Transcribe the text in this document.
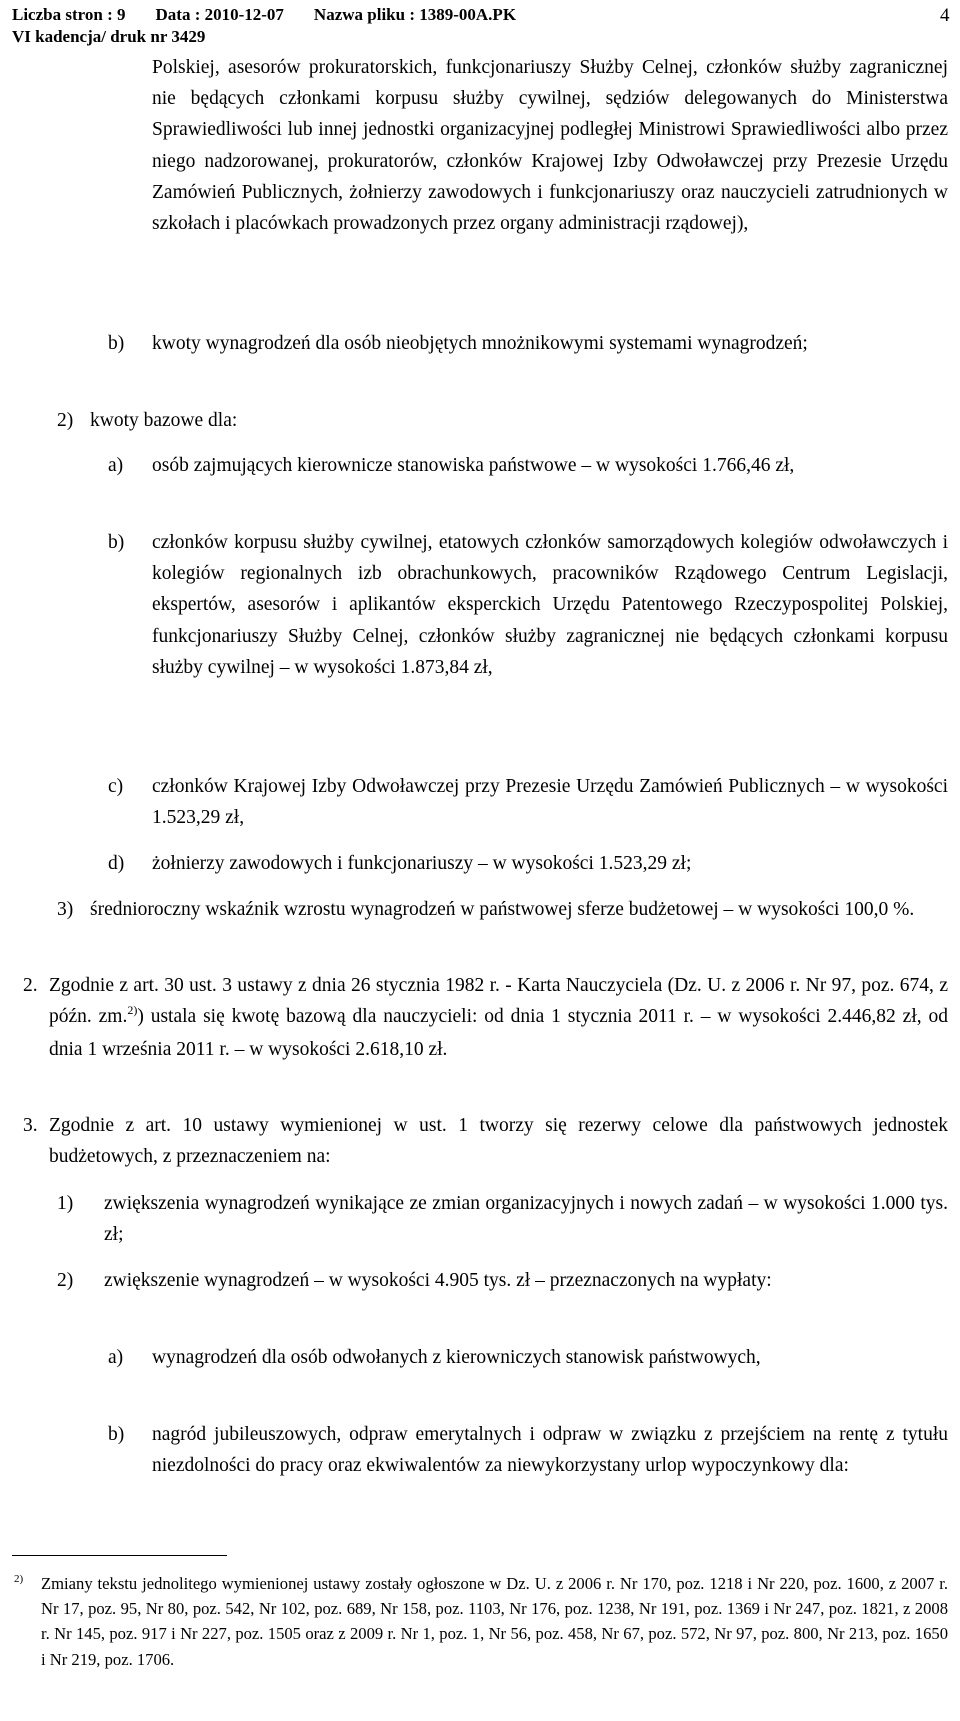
Liczba stron : 9 Data : 2010-12-07 Nazwa pliku : 1389-00A.PK
VI kadencja/ druk nr 3429
4
Polskiej, asesorów prokuratorskich, funkcjonariuszy Służby Celnej, członków służby zagranicznej nie będących członkami korpusu służby cywilnej, sędziów delegowanych do Ministerstwa Sprawiedliwości lub innej jednostki organizacyjnej podległej Ministrowi Sprawiedliwości albo przez niego nadzorowanej, prokuratorów, członków Krajowej Izby Odwoławczej przy Prezesie Urzędu Zamówień Publicznych, żołnierzy zawodowych i funkcjonariuszy oraz nauczycieli zatrudnionych w szkołach i placówkach prowadzonych przez organy administracji rządowej),
b) kwoty wynagrodzeń dla osób nieobjętych mnożnikowymi systemami wynagrodzeń;
2) kwoty bazowe dla:
a) osób zajmujących kierownicze stanowiska państwowe – w wysokości 1.766,46 zł,
b) członków korpusu służby cywilnej, etatowych członków samorządowych kolegiów odwoławczych i kolegiów regionalnych izb obrachunkowych, pracowników Rządowego Centrum Legislacji, ekspertów, asesorów i aplikantów eksperckich Urzędu Patentowego Rzeczypospolitej Polskiej, funkcjonariuszy Służby Celnej, członków służby zagranicznej nie będących członkami korpusu służby cywilnej – w wysokości 1.873,84 zł,
c) członków Krajowej Izby Odwoławczej przy Prezesie Urzędu Zamówień Publicznych – w wysokości 1.523,29 zł,
d) żołnierzy zawodowych i funkcjonariuszy – w wysokości 1.523,29 zł;
3) średnioroczny wskaźnik wzrostu wynagrodzeń w państwowej sferze budżetowej – w wysokości 100,0 %.
2. Zgodnie z art. 30 ust. 3 ustawy z dnia 26 stycznia 1982 r. - Karta Nauczyciela (Dz. U. z 2006 r. Nr 97, poz. 674, z późn. zm.$^{2)}$) ustala się kwotę bazową dla nauczycieli: od dnia 1 stycznia 2011 r. – w wysokości 2.446,82 zł, od dnia 1 września 2011 r. – w wysokości 2.618,10 zł.
3. Zgodnie z art. 10 ustawy wymienionej w ust. 1 tworzy się rezerwy celowe dla państwowych jednostek budżetowych, z przeznaczeniem na:
1) zwiększenia wynagrodzeń wynikające ze zmian organizacyjnych i nowych zadań – w wysokości 1.000 tys. zł;
2) zwiększenie wynagrodzeń – w wysokości 4.905 tys. zł – przeznaczonych na wypłaty:
a) wynagrodzeń dla osób odwołanych z kierowniczych stanowisk państwowych,
b) nagród jubileuszowych, odpraw emerytalnych i odpraw w związku z przejściem na rentę z tytułu niezdolności do pracy oraz ekwiwalentów za niewykorzystany urlop wypoczynkowy dla:
2) Zmiany tekstu jednolitego wymienionej ustawy zostały ogłoszone w Dz. U. z 2006 r. Nr 170, poz. 1218 i Nr 220, poz. 1600, z 2007 r. Nr 17, poz. 95, Nr 80, poz. 542, Nr 102, poz. 689, Nr 158, poz. 1103, Nr 176, poz. 1238, Nr 191, poz. 1369 i Nr 247, poz. 1821, z 2008 r. Nr 145, poz. 917 i Nr 227, poz. 1505 oraz z 2009 r. Nr 1, poz. 1, Nr 56, poz. 458, Nr 67, poz. 572, Nr 97, poz. 800, Nr 213, poz. 1650 i Nr 219, poz. 1706.
